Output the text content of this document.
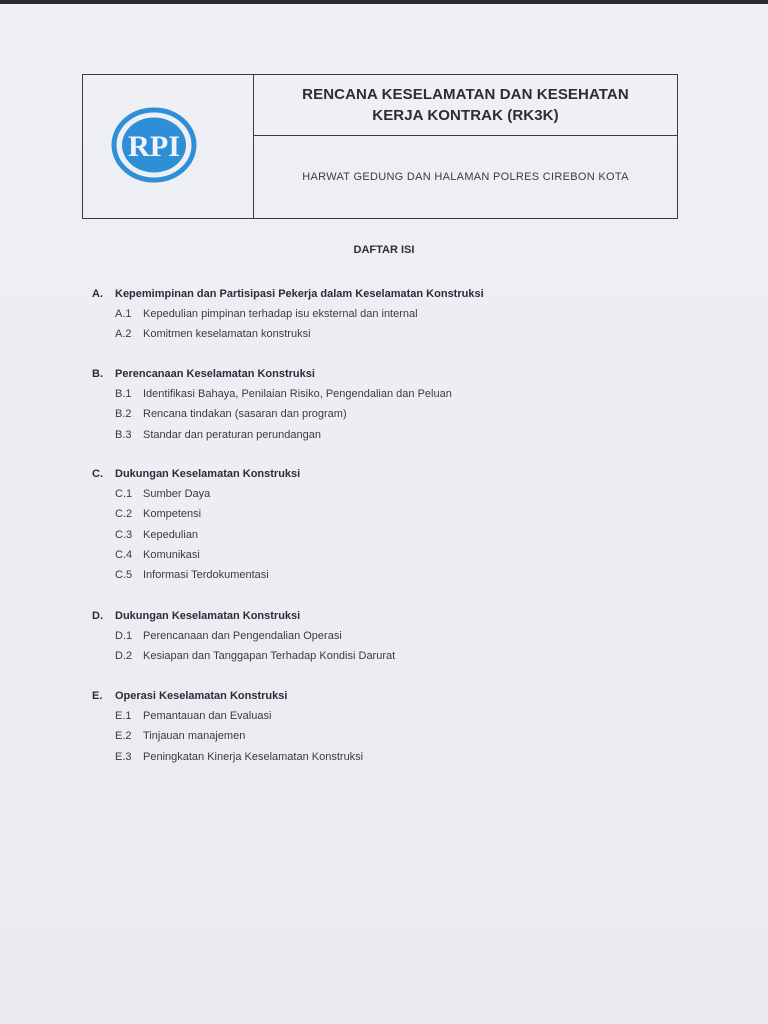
RPI
RENCANA KESELAMATAN DAN KESEHATAN KERJA KONTRAK (RK3K)
HARWAT GEDUNG DAN HALAMAN POLRES CIREBON KOTA
DAFTAR ISI
A. Kepemimpinan dan Partisipasi Pekerja dalam Keselamatan Konstruksi
A.1 Kepedulian pimpinan terhadap isu eksternal dan internal
A.2 Komitmen keselamatan konstruksi
B. Perencanaan Keselamatan Konstruksi
B.1 Identifikasi Bahaya, Penilaian Risiko, Pengendalian dan Peluan
B.2 Rencana tindakan (sasaran dan program)
B.3 Standar dan peraturan perundangan
C. Dukungan Keselamatan Konstruksi
C.1 Sumber Daya
C.2 Kompetensi
C.3 Kepedulian
C.4 Komunikasi
C.5 Informasi Terdokumentasi
D. Dukungan Keselamatan Konstruksi
D.1 Perencanaan dan Pengendalian Operasi
D.2 Kesiapan dan Tanggapan Terhadap Kondisi Darurat
E. Operasi Keselamatan Konstruksi
E.1 Pemantauan dan Evaluasi
E.2 Tinjauan manajemen
E.3 Peningkatan Kinerja Keselamatan Konstruksi
